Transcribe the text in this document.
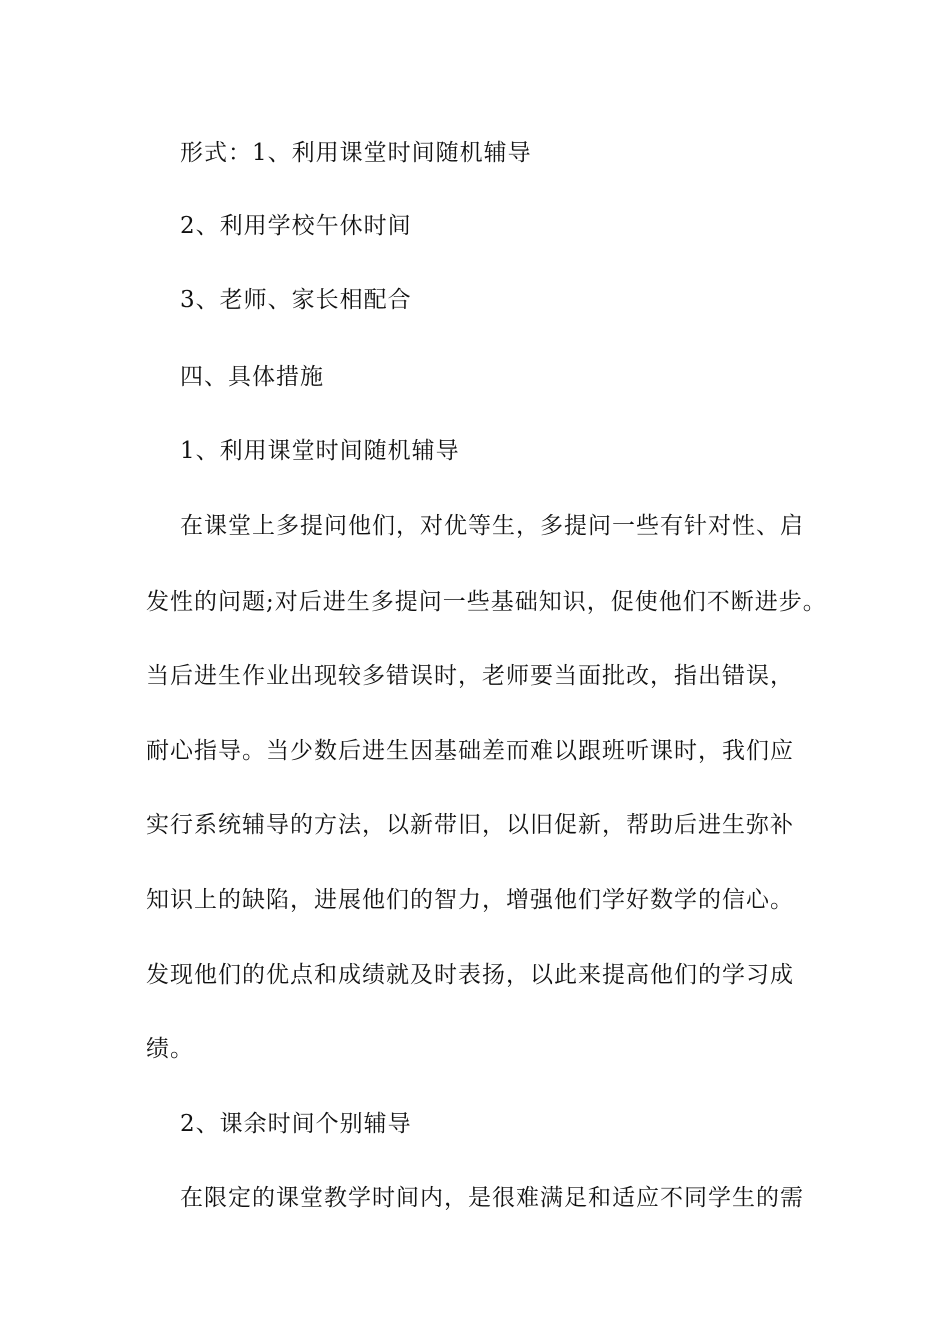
形式：1、利用课堂时间随机辅导
2、利用学校午休时间
3、老师、家长相配合
四、具体措施
1、利用课堂时间随机辅导
在课堂上多提问他们，对优等生，多提问一些有针对性、启
发性的问题;对后进生多提问一些基础知识，促使他们不断进步。
当后进生作业出现较多错误时，老师要当面批改，指出错误，
耐心指导。当少数后进生因基础差而难以跟班听课时，我们应
实行系统辅导的方法，以新带旧，以旧促新，帮助后进生弥补
知识上的缺陷，进展他们的智力，增强他们学好数学的信心。
发现他们的优点和成绩就及时表扬，以此来提高他们的学习成
绩。
2、课余时间个别辅导
在限定的课堂教学时间内，是很难满足和适应不同学生的需
